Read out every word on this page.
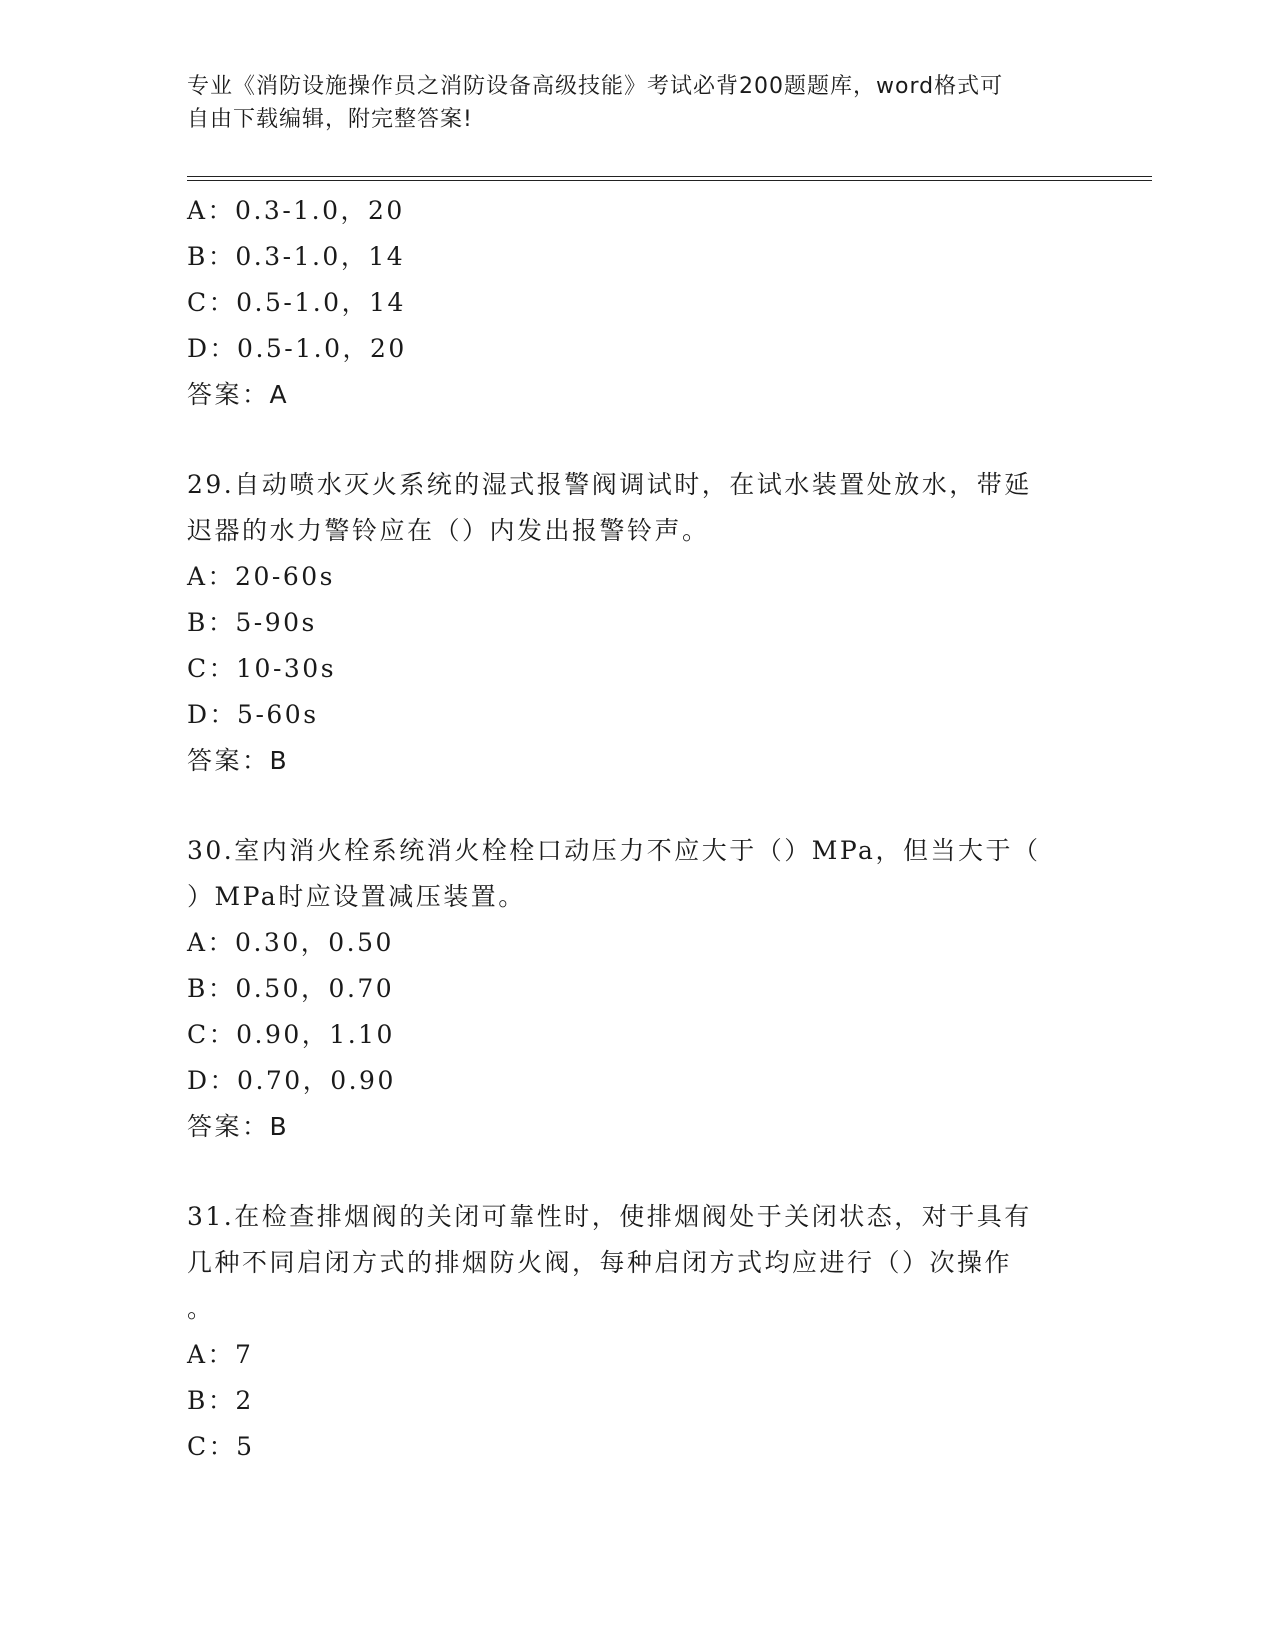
专业《消防设施操作员之消防设备高级技能》考试必背200题题库，word格式可
自由下载编辑，附完整答案!
A：0.3-1.0，20
B：0.3-1.0，14
C：0.5-1.0，14
D：0.5-1.0，20
答案：A
29.自动喷水灭火系统的湿式报警阀调试时，在试水装置处放水，带延
迟器的水力警铃应在（）内发出报警铃声。
A：20-60s
B：5-90s
C：10-30s
D：5-60s
答案：B
30.室内消火栓系统消火栓栓口动压力不应大于（）MPa，但当大于（
）MPa时应设置减压装置。
A：0.30，0.50
B：0.50，0.70
C：0.90，1.10
D：0.70，0.90
答案：B
31.在检查排烟阀的关闭可靠性时，使排烟阀处于关闭状态，对于具有
几种不同启闭方式的排烟防火阀，每种启闭方式均应进行（）次操作
。
A：7
B：2
C：5
